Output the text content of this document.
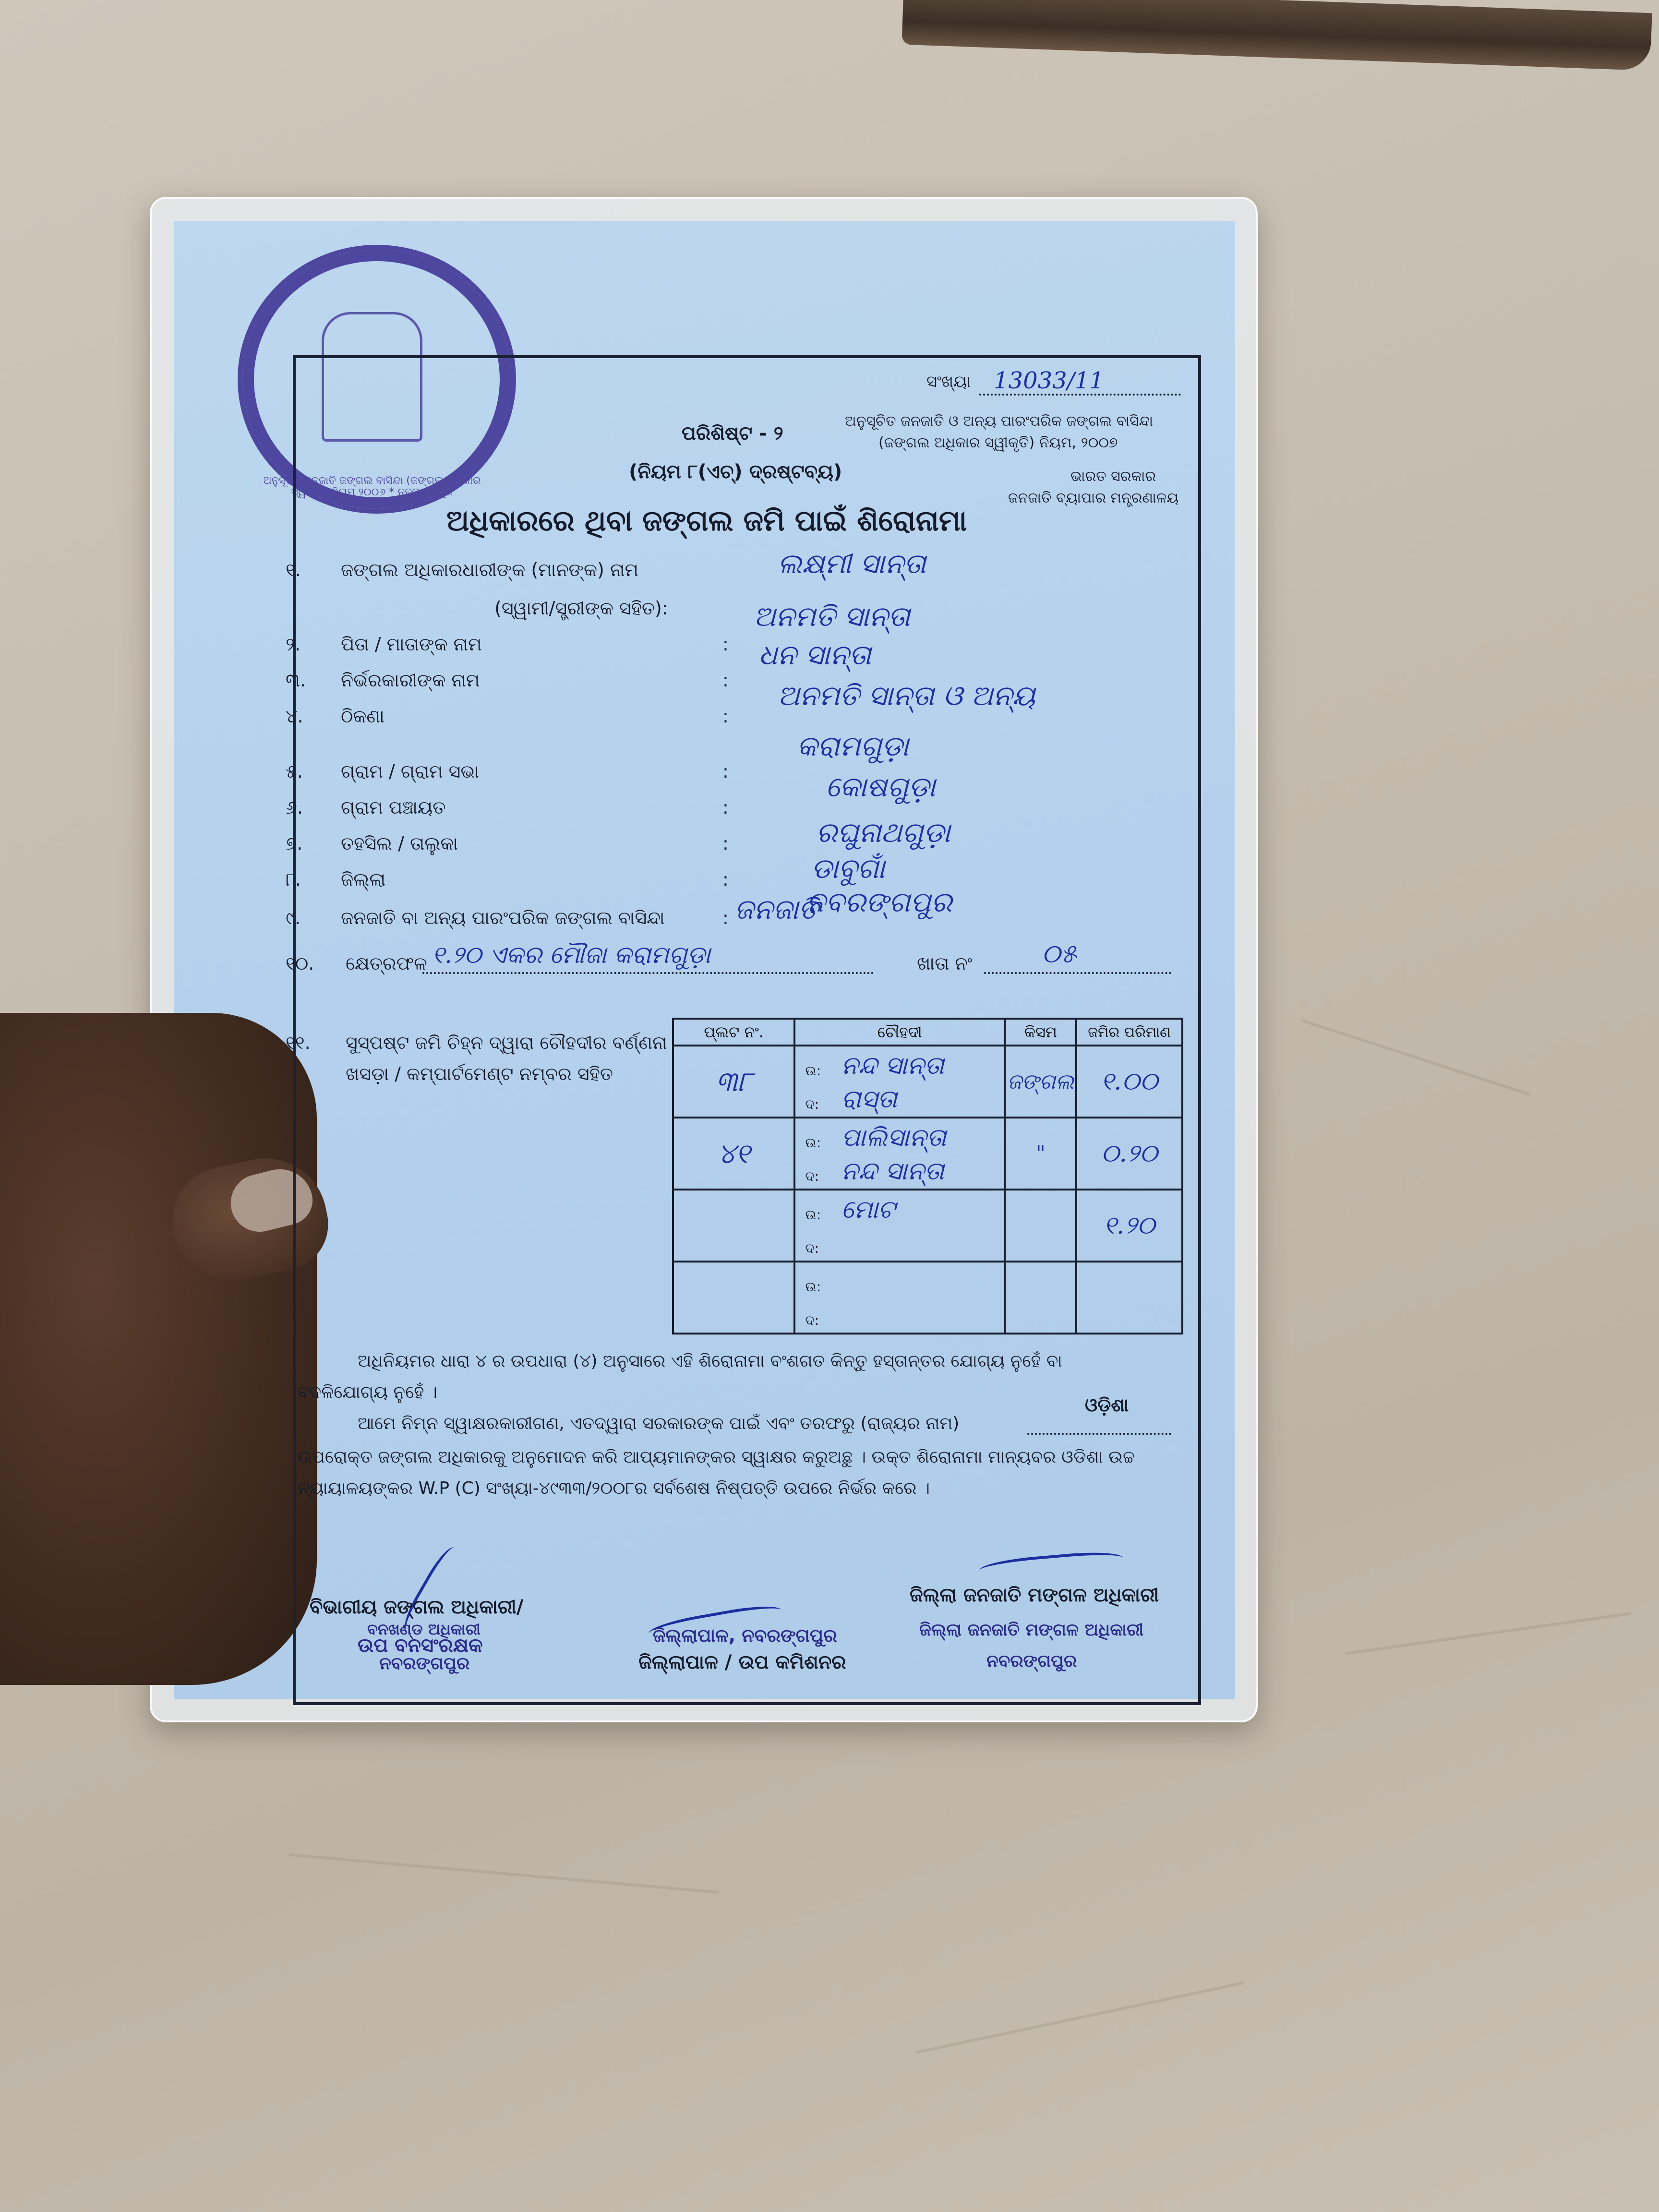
ଅନୁସୂଚିତ ଜନଜାତି ଜଙ୍ଗଲ ବାସିନ୍ଦା (ଜଙ୍ଗଲ ଅଧିକାର ସ୍ୱୀକୃତି) ନିୟମ ୨୦୦୬ * ନବରଙ୍ଗପୁର
ସଂଖ୍ୟା 13033/11
ପରିଶିଷ୍ଟ - ୨
(ନିୟମ ୮(ଏଚ୍) ଦ୍ରଷ୍ଟବ୍ୟ)
ଅନୁସୂଚିତ ଜନଜାତି ଓ ଅନ୍ୟ ପାରଂପରିକ ଜଙ୍ଗଲ ବାସିନ୍ଦା
(ଜଙ୍ଗଲ ଅଧିକାର ସ୍ୱୀକୃତି) ନିୟମ, ୨୦୦୭
ଭାରତ ସରକାର
ଜନଜାତି ବ୍ୟାପାର ମନ୍ତ୍ରଣାଳୟ
ଅଧିକାରରେ ଥିବା ଜଙ୍ଗଲ ଜମି ପାଇଁ ଶିରୋନାମା
୧. ଜଙ୍ଗଲ ଅଧିକାରଧାରୀଙ୍କ (ମାନଙ୍କ) ନାମ	ଲକ୍ଷ୍ମୀ ସାନ୍ତା
(ସ୍ୱାମୀ/ସ୍ତ୍ରୀଙ୍କ ସହିତ):	ଅନମତି ସାନ୍ତା
୨. ପିତା / ମାତାଙ୍କ ନାମ	: ଧନ ସାନ୍ତା
୩. ନିର୍ଭରକାରୀଙ୍କ ନାମ	: ଅନମତି ସାନ୍ତା ଓ ଅନ୍ୟ
୪. ଠିକଣା	:
କରାମଗୁଡ଼ା
୫. ଗ୍ରାମ / ଗ୍ରାମ ସଭା	:	କୋଷଗୁଡ଼ା
୬. ଗ୍ରାମ ପଞ୍ଚାୟତ	:
ରଘୁନାଥଗୁଡ଼ା
୭. ତହସିଲ / ତାଲୁକା	:
ଡାବୁଗାଁ
୮. ଜିଲ୍ଲା	:
ନବରଙ୍ଗପୁର
୯. ଜନଜାତି ବା ଅନ୍ୟ ପାରଂପରିକ ଜଙ୍ଗଲ ବାସିନ୍ଦା	: ଜନଜାତି
୧୦. କ୍ଷେତ୍ରଫଳ ୧.୨୦ ଏକର ମୌଜା କରାମଗୁଡ଼ା	ଖାତା ନଂ	୦୫
୧୧. ସୁସ୍ପଷ୍ଟ ଜମି ଚିହ୍ନ ଦ୍ୱାରା ଚୌହଦୀର ବର୍ଣ୍ଣନା
ଖସଡ଼ା / କମ୍ପାର୍ଟମେଣ୍ଟ ନମ୍ବର ସହିତ
ପ୍ଲଟ ନଂ.	ଚୌହଦୀ	କିସମ	ଜମିର ପରିମାଣ
୩୮	ଉ: ନନ୍ଦ ସାନ୍ତା
ଦ: ରାସ୍ତା	ଜଙ୍ଗଲ	୧.୦୦
୪୧	ଉ: ପାଲିସାନ୍ତା
ଦ: ନନ୍ଦ ସାନ୍ତା	"	୦.୨୦

	ଉ: ମୋଟ
ଦ:		୧.୨୦

	ଉ:
ଦ:		

ଅଧିନିୟମର ଧାରା ୪ ର ଉପଧାରା (୪) ଅନୁସାରେ ଏହି ଶିରୋନାମା ବଂଶଗତ କିନ୍ତୁ ହସ୍ତାନ୍ତର ଯୋଗ୍ୟ ନୁହେଁ ବା
ବଦଳିଯୋଗ୍ୟ ନୁହେଁ ।
ଓଡ଼ିଶା
ଆମେ ନିମ୍ନ ସ୍ୱାକ୍ଷରକାରୀଗଣ, ଏତଦ୍ୱାରା ସରକାରଙ୍କ ପାଇଁ ଏବଂ ତରଫରୁ (ରାଜ୍ୟର ନାମ)
ଉପରୋକ୍ତ ଜଙ୍ଗଲ ଅଧିକାରକୁ ଅନୁମୋଦନ କରି ଆପ୍ୟମାନଙ୍କର ସ୍ୱାକ୍ଷର କରୁଅଛୁ । ଉକ୍ତ ଶିରୋନାମା ମାନ୍ୟବର ଓଡିଶା ଉଚ୍ଚ
ନ୍ୟାୟାଳୟଙ୍କର W.P (C) ସଂଖ୍ୟା-୪୯୩୩/୨୦୦୮ର ସର୍ବଶେଷ ନିଷ୍ପତ୍ତି ଉପରେ ନିର୍ଭର କରେ ।
ବିଭାଗୀୟ ଜଙ୍ଗଲ ଅଧିକାରୀ/
ବନଖଣ୍ଡ ଅଧିକାରୀ
ଉପ ବନସଂରକ୍ଷକ
ନବରଙ୍ଗପୁର
ଜିଲ୍ଲାପାଳ, ନବରଙ୍ଗପୁର
ଜିଲ୍ଲାପାଳ / ଉପ କମିଶନର
ଜିଲ୍ଲା ଜନଜାତି ମଙ୍ଗଳ ଅଧିକାରୀ
ଜିଲ୍ଲା ଜନଜାତି ମଙ୍ଗଳ ଅଧିକାରୀ
ନବରଙ୍ଗପୁର
